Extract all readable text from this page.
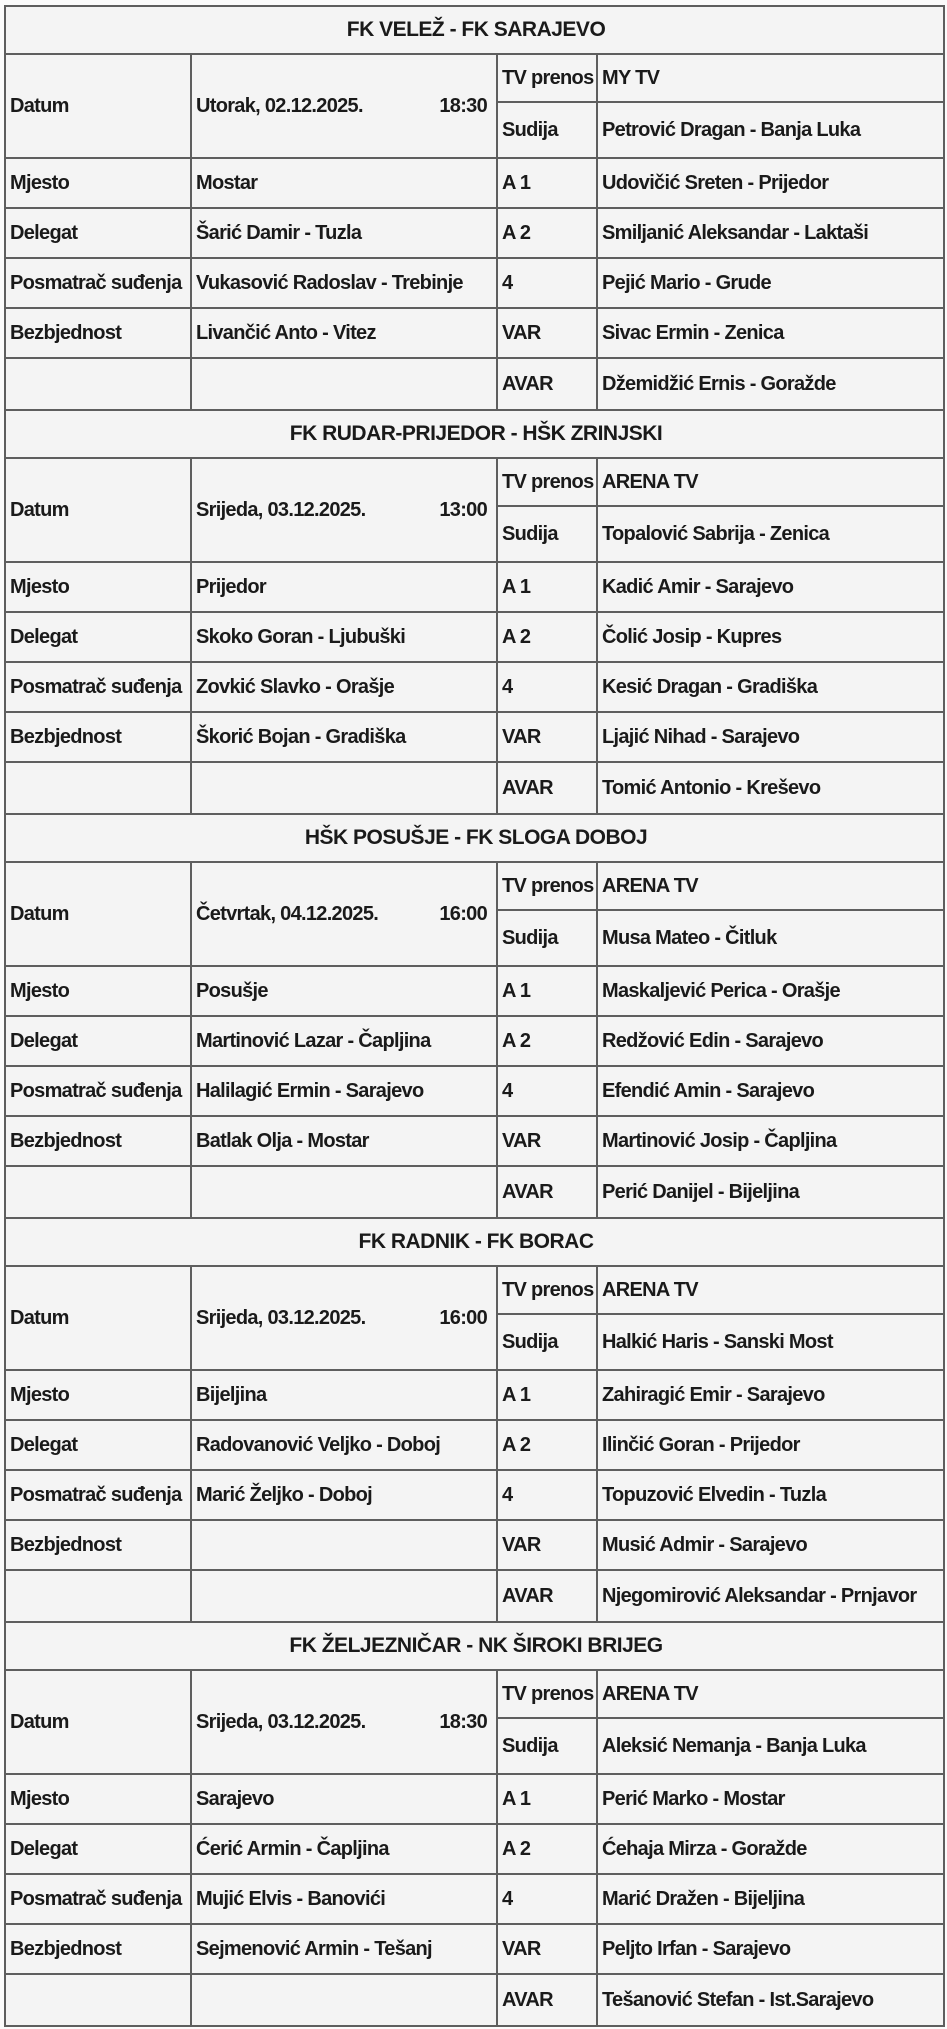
FK VELEŽ - FK SARAJEVO			
Datum	Utorak, 02.12.2025. 18:30	TV prenos	MY TV
		Sudija	Petrović Dragan - Banja Luka
Mjesto	Mostar	A 1	Udovičić Sreten - Prijedor
Delegat	Šarić Damir - Tuzla	A 2	Smiljanić Aleksandar - Laktaši
Posmatrač suđenja	Vukasović Radoslav - Trebinje	4	Pejić Mario - Grude
Bezbjednost	Livančić Anto - Vitez	VAR	Sivac Ermin - Zenica
		AVAR	Džemidžić Ernis - Goražde
FK RUDAR-PRIJEDOR - HŠK ZRINJSKI			
Datum	Srijeda, 03.12.2025. 13:00	TV prenos	ARENA TV
		Sudija	Topalović Sabrija - Zenica
Mjesto	Prijedor	A 1	Kadić Amir - Sarajevo
Delegat	Skoko Goran - Ljubuški	A 2	Čolić Josip - Kupres
Posmatrač suđenja	Zovkić Slavko - Orašje	4	Kesić Dragan - Gradiška
Bezbjednost	Škorić Bojan - Gradiška	VAR	Ljajić Nihad - Sarajevo
		AVAR	Tomić Antonio - Kreševo
HŠK POSUŠJE - FK SLOGA DOBOJ			
Datum	Četvrtak, 04.12.2025. 16:00	TV prenos	ARENA TV
		Sudija	Musa Mateo - Čitluk
Mjesto	Posušje	A 1	Maskaljević Perica - Orašje
Delegat	Martinović Lazar - Čapljina	A 2	Redžović Edin - Sarajevo
Posmatrač suđenja	Halilagić Ermin - Sarajevo	4	Efendić Amin - Sarajevo
Bezbjednost	Batlak Olja - Mostar	VAR	Martinović Josip - Čapljina
		AVAR	Perić Danijel - Bijeljina
FK RADNIK - FK BORAC			
Datum	Srijeda, 03.12.2025. 16:00	TV prenos	ARENA TV
		Sudija	Halkić Haris - Sanski Most
Mjesto	Bijeljina	A 1	Zahiragić Emir - Sarajevo
Delegat	Radovanović Veljko - Doboj	A 2	Ilinčić Goran - Prijedor
Posmatrač suđenja	Marić Željko - Doboj	4	Topuzović Elvedin - Tuzla
Bezbjednost		VAR	Musić Admir - Sarajevo
		AVAR	Njegomirović Aleksandar - Prnjavor
FK ŽELJEZNIČAR - NK ŠIROKI BRIJEG			
Datum	Srijeda, 03.12.2025. 18:30	TV prenos	ARENA TV
		Sudija	Aleksić Nemanja - Banja Luka
Mjesto	Sarajevo	A 1	Perić Marko - Mostar
Delegat	Ćerić Armin - Čapljina	A 2	Ćehaja Mirza - Goražde
Posmatrač suđenja	Mujić Elvis - Banovići	4	Marić Dražen - Bijeljina
Bezbjednost	Sejmenović Armin - Tešanj	VAR	Peljto Irfan - Sarajevo
		AVAR	Tešanović Stefan - Ist.Sarajevo
